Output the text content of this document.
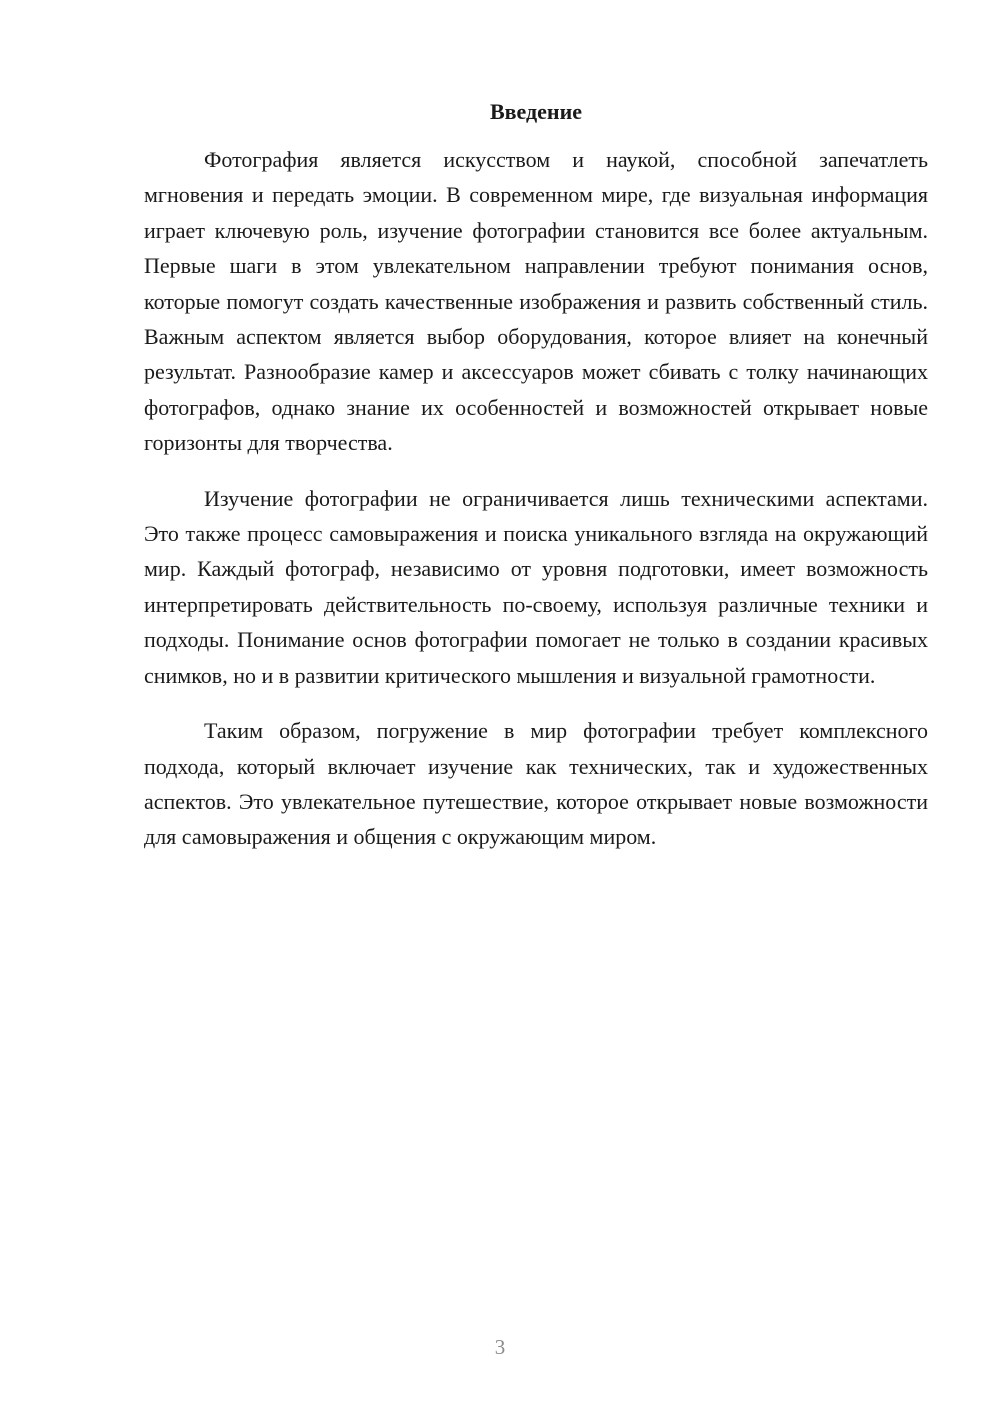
Введение

Фотография является искусством и наукой, способной запечатлеть мгновения и передать эмоции. В современном мире, где визуальная информация играет ключевую роль, изучение фотографии становится все более актуальным. Первые шаги в этом увлекательном направлении требуют понимания основ, которые помогут создать качественные изображения и развить собственный стиль. Важным аспектом является выбор оборудования, которое влияет на конечный результат. Разнообразие камер и аксессуаров может сбивать с толку начинающих фотографов, однако знание их особенностей и возможностей открывает новые горизонты для творчества.

Изучение фотографии не ограничивается лишь техническими аспектами. Это также процесс самовыражения и поиска уникального взгляда на окружающий мир. Каждый фотограф, независимо от уровня подготовки, имеет возможность интерпретировать действительность по-своему, используя различные техники и подходы. Понимание основ фотографии помогает не только в создании красивых снимков, но и в развитии критического мышления и визуальной грамотности.

Таким образом, погружение в мир фотографии требует комплексного подхода, который включает изучение как технических, так и художественных аспектов. Это увлекательное путешествие, которое открывает новые возможности для самовыражения и общения с окружающим миром.

3
